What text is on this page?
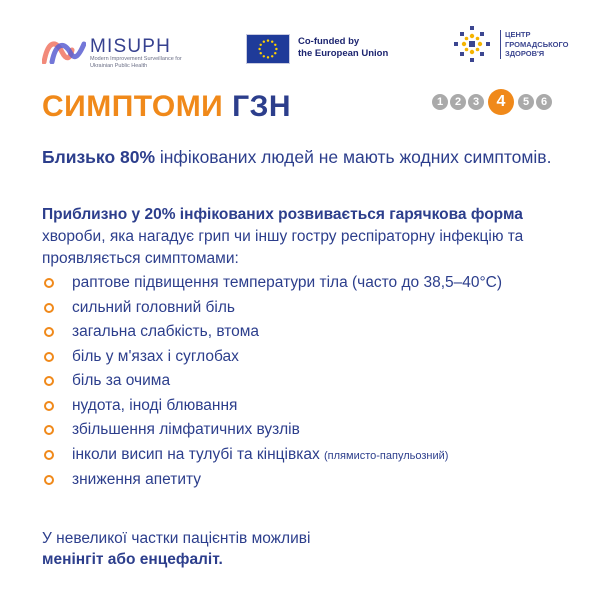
MISUPH
Modern Improvement Surveillance for Ukrainian Public Health
Co-funded by
the European Union
ЦЕНТР
ГРОМАДСЬКОГО
ЗДОРОВ'Я
СИМПТОМИ ГЗН	1	2	3	4	5	6

Близько 80% інфікованих людей не мають жодних симптомів.

Приблизно у 20% інфікованих розвивається гарячкова форма хвороби, яка нагадує грип чи іншу гостру респіраторну інфекцію та проявляється симптомами:

раптове підвищення температури тіла (часто до 38,5–40°С)
сильний головний біль
загальна слабкість, втома
біль у м'язах і суглобах
біль за очима
нудота, іноді блювання
збільшення лімфатичних вузлів
інколи висип на тулубі та кінцівках (плямисто-папульозний)
зниження апетиту

У невеликої частки пацієнтів можливі
менінгіт або енцефаліт.
